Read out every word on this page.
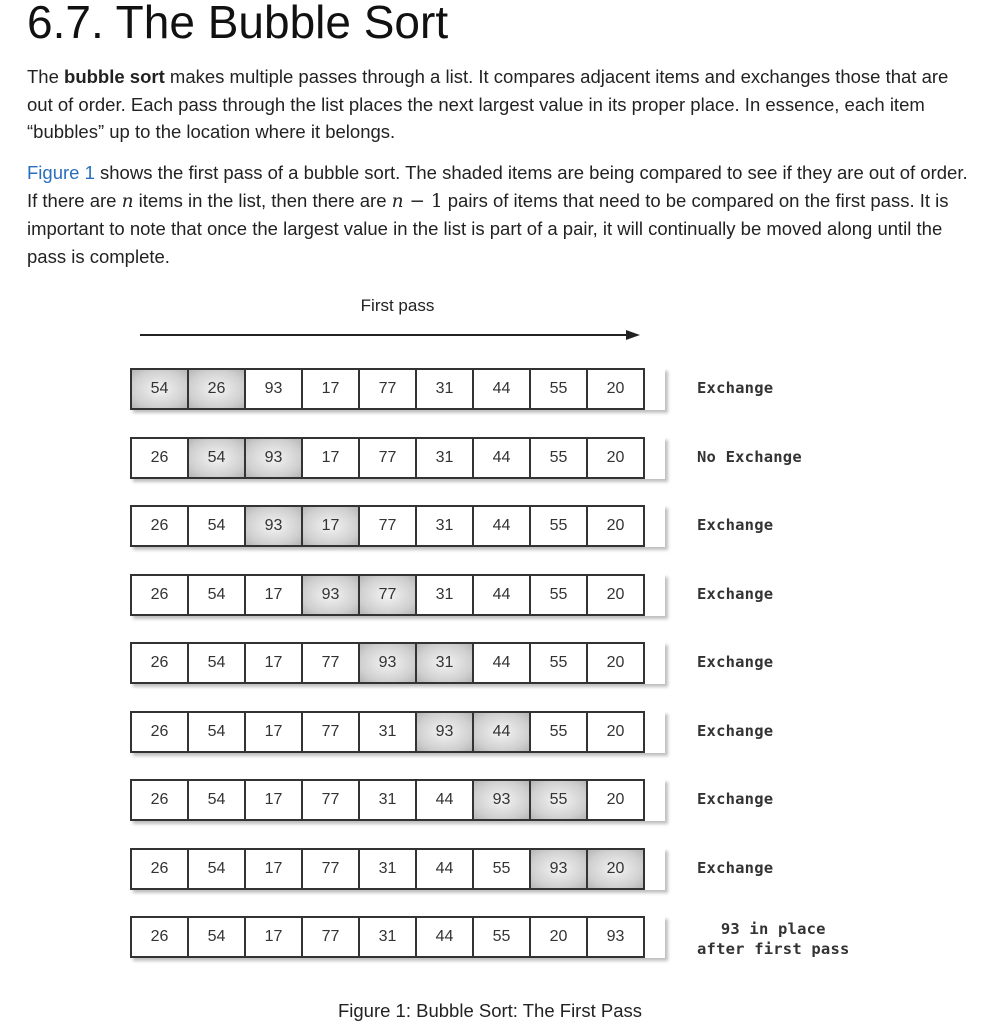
6.7. The Bubble Sort

The bubble sort makes multiple passes through a list. It compares adjacent items and exchanges those that are out of order. Each pass through the list places the next largest value in its proper place. In essence, each item “bubbles” up to the location where it belongs.

Figure 1 shows the first pass of a bubble sort. The shaded items are being compared to see if they are out of order. If there are n items in the list, then there are n − 1 pairs of items that need to be compared on the first pass. It is important to note that once the largest value in the list is part of a pair, it will continually be moved along until the pass is complete.

First pass
54	26	93	17	77	31	44	55	20	Exchange
26	54	93	17	77	31	44	55	20	No Exchange
26	54	93	17	77	31	44	55	20	Exchange
26	54	17	93	77	31	44	55	20	Exchange
26	54	17	77	93	31	44	55	20	Exchange
26	54	17	77	31	93	44	55	20	Exchange
26	54	17	77	31	44	93	55	20	Exchange
26	54	17	77	31	44	55	93	20	Exchange
26	54	17	77	31	44	55	20	93	93 in place
after first pass
Figure 1: Bubble Sort: The First Pass
